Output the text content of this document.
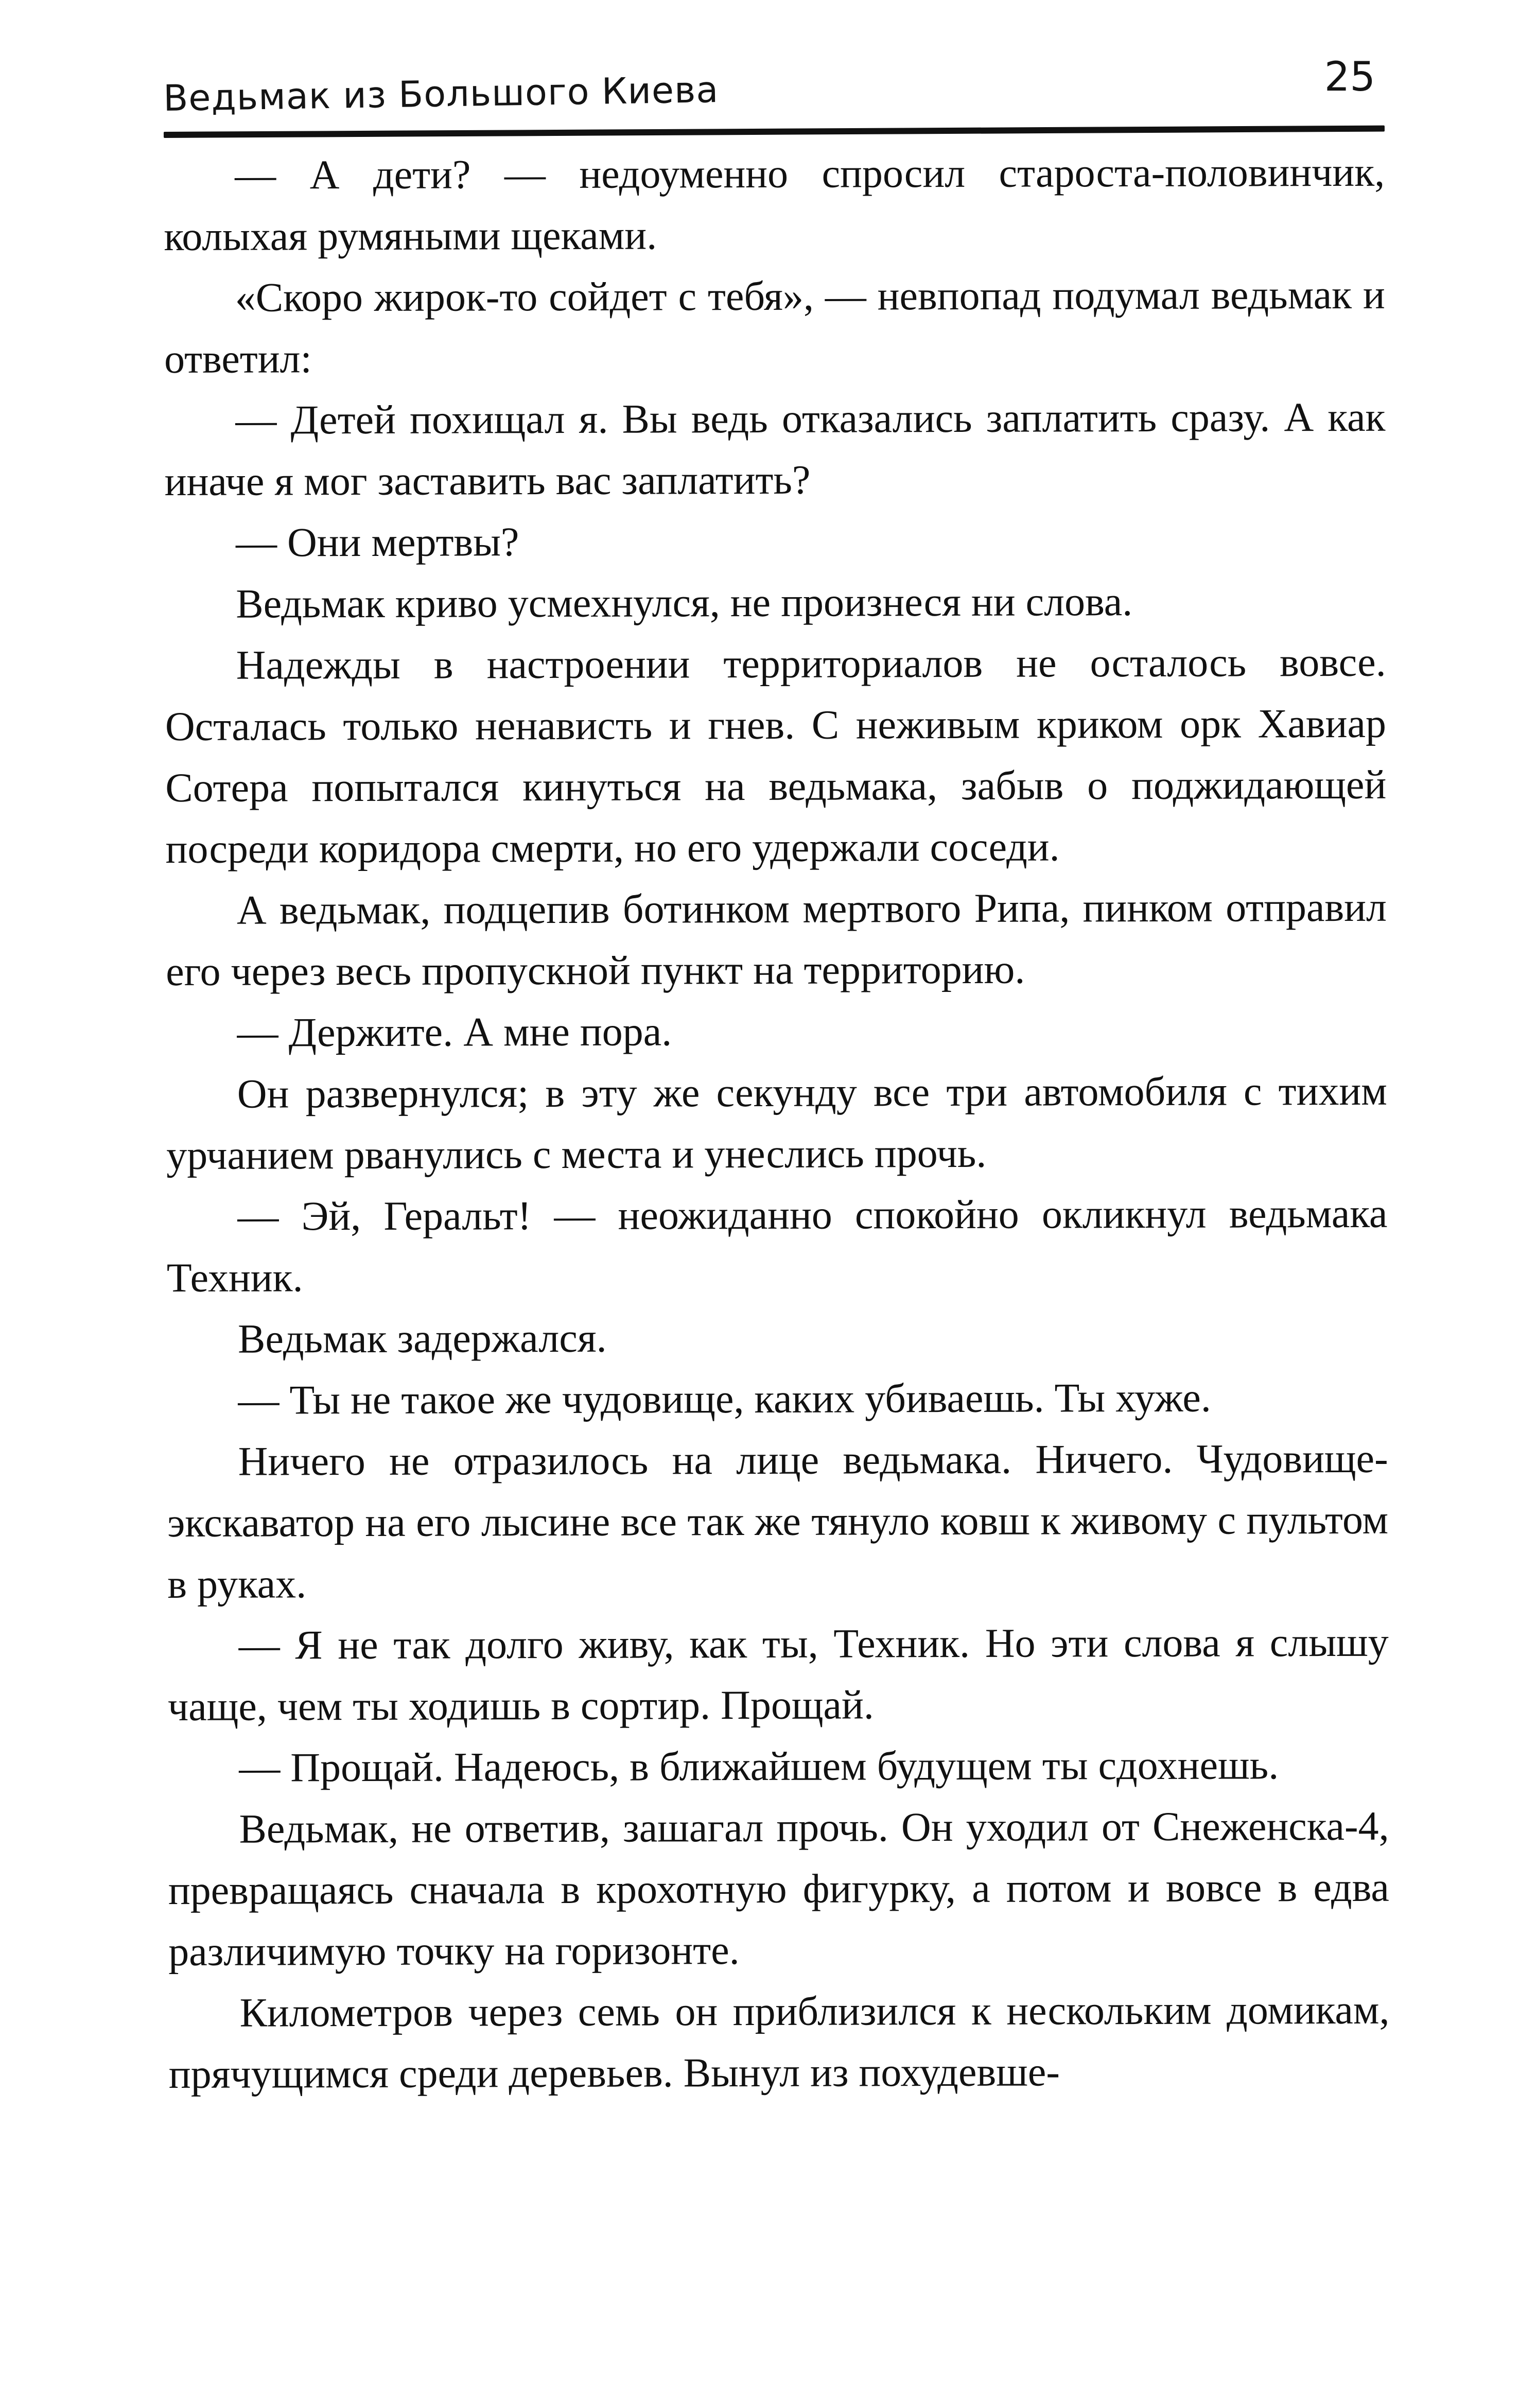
Ведьмак из Большого Киева	25

— А дети? — недоуменно спросил староста-половинчик, колыхая румяными щеками.

«Скоро жирок-то сойдет с тебя», — невпопад подумал ведьмак и ответил:

— Детей похищал я. Вы ведь отказались заплатить сразу. А как иначе я мог заставить вас заплатить?

— Они мертвы?

Ведьмак криво усмехнулся, не произнеся ни слова.

Надежды в настроении территориалов не осталось вовсе. Осталась только ненависть и гнев. С неживым криком орк Хавиар Сотера попытался кинуться на ведьмака, забыв о поджидающей посреди коридора смерти, но его удержали соседи.

А ведьмак, подцепив ботинком мертвого Рипа, пинком отправил его через весь пропускной пункт на территорию.

— Держите. А мне пора.

Он развернулся; в эту же секунду все три автомобиля с тихим урчанием рванулись с места и унеслись прочь.

— Эй, Геральт! — неожиданно спокойно окликнул ведьмака Техник.

Ведьмак задержался.

— Ты не такое же чудовище, каких убиваешь. Ты хуже.

Ничего не отразилось на лице ведьмака. Ничего. Чудовище-экскаватор на его лысине все так же тянуло ковш к живому с пультом в руках.

— Я не так долго живу, как ты, Техник. Но эти слова я слышу чаще, чем ты ходишь в сортир. Прощай.

— Прощай. Надеюсь, в ближайшем будущем ты сдохнешь.

Ведьмак, не ответив, зашагал прочь. Он уходил от Снеженска-4, превращаясь сначала в крохотную фигурку, а потом и вовсе в едва различимую точку на горизонте.

Километров через семь он приблизился к нескольким домикам, прячущимся среди деревьев. Вынул из похудевше-
